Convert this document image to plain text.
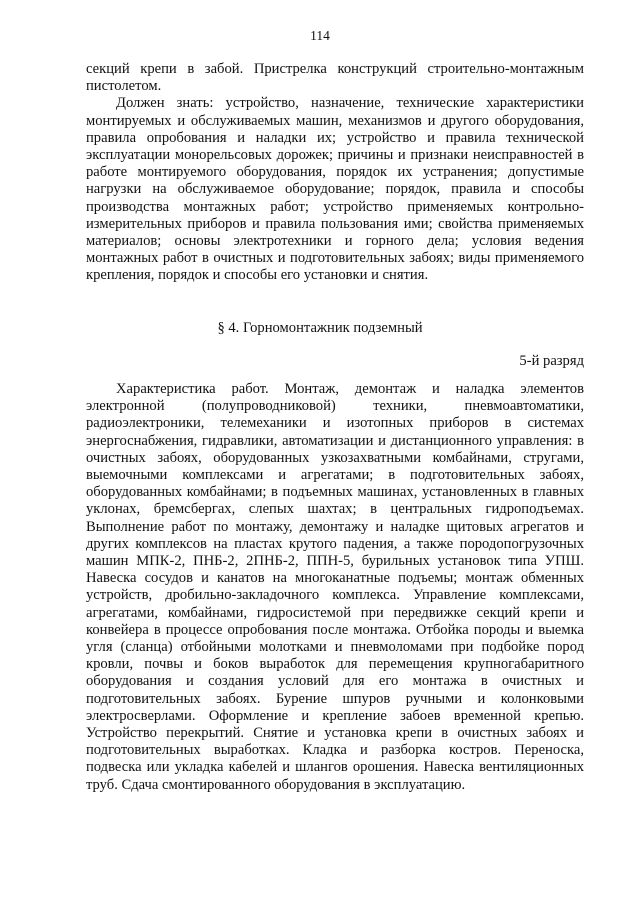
114

секций крепи в забой. Пристрелка конструкций строительно-монтажным пистолетом.

Должен знать: устройство, назначение, технические характеристики монтируемых и обслуживаемых машин, механизмов и другого оборудования, правила опробования и наладки их; устройство и правила технической эксплуатации монорельсовых дорожек; причины и признаки неисправностей в работе монтируемого оборудования, порядок их устранения; допустимые нагрузки на обслуживаемое оборудование; порядок, правила и способы производства монтажных работ; устройство применяемых контрольно-измерительных приборов и правила пользования ими; свойства применяемых материалов; основы электротехники и горного дела; условия ведения монтажных работ в очистных и подготовительных забоях; виды применяемого крепления, порядок и способы его установки и снятия.

§ 4. Горномонтажник подземный
5-й разряд

Характеристика работ. Монтаж, демонтаж и наладка элементов электронной (полупроводниковой) техники, пневмоавтоматики, радиоэлектроники, телемеханики и изотопных приборов в системах энергоснабжения, гидравлики, автоматизации и дистанционного управления: в очистных забоях, оборудованных узкозахватными комбайнами, стругами, выемочными комплексами и агрегатами; в подготовительных забоях, оборудованных комбайнами; в подъемных машинах, установленных в главных уклонах, бремсбергах, слепых шахтах; в центральных гидроподъемах. Выполнение работ по монтажу, демонтажу и наладке щитовых агрегатов и других комплексов на пластах крутого падения, а также породопогрузочных машин МПК-2, ПНБ-2, 2ПНБ-2, ППН-5, бурильных установок типа УПШ. Навеска сосудов и канатов на многоканатные подъемы; монтаж обменных устройств, дробильно-закладочного комплекса. Управление комплексами, агрегатами, комбайнами, гидросистемой при передвижке секций крепи и конвейера в процессе опробования после монтажа. Отбойка породы и выемка угля (сланца) отбойными молотками и пневмоломами при подбойке пород кровли, почвы и боков выработок для перемещения крупногабаритного оборудования и создания условий для его монтажа в очистных и подготовительных забоях. Бурение шпуров ручными и колонковыми электросверлами. Оформление и крепление забоев временной крепью. Устройство перекрытий. Снятие и установка крепи в очистных забоях и подготовительных выработках. Кладка и разборка костров. Переноска, подвеска или укладка кабелей и шлангов орошения. Навеска вентиляционных труб. Сдача смонтированного оборудования в эксплуатацию.
